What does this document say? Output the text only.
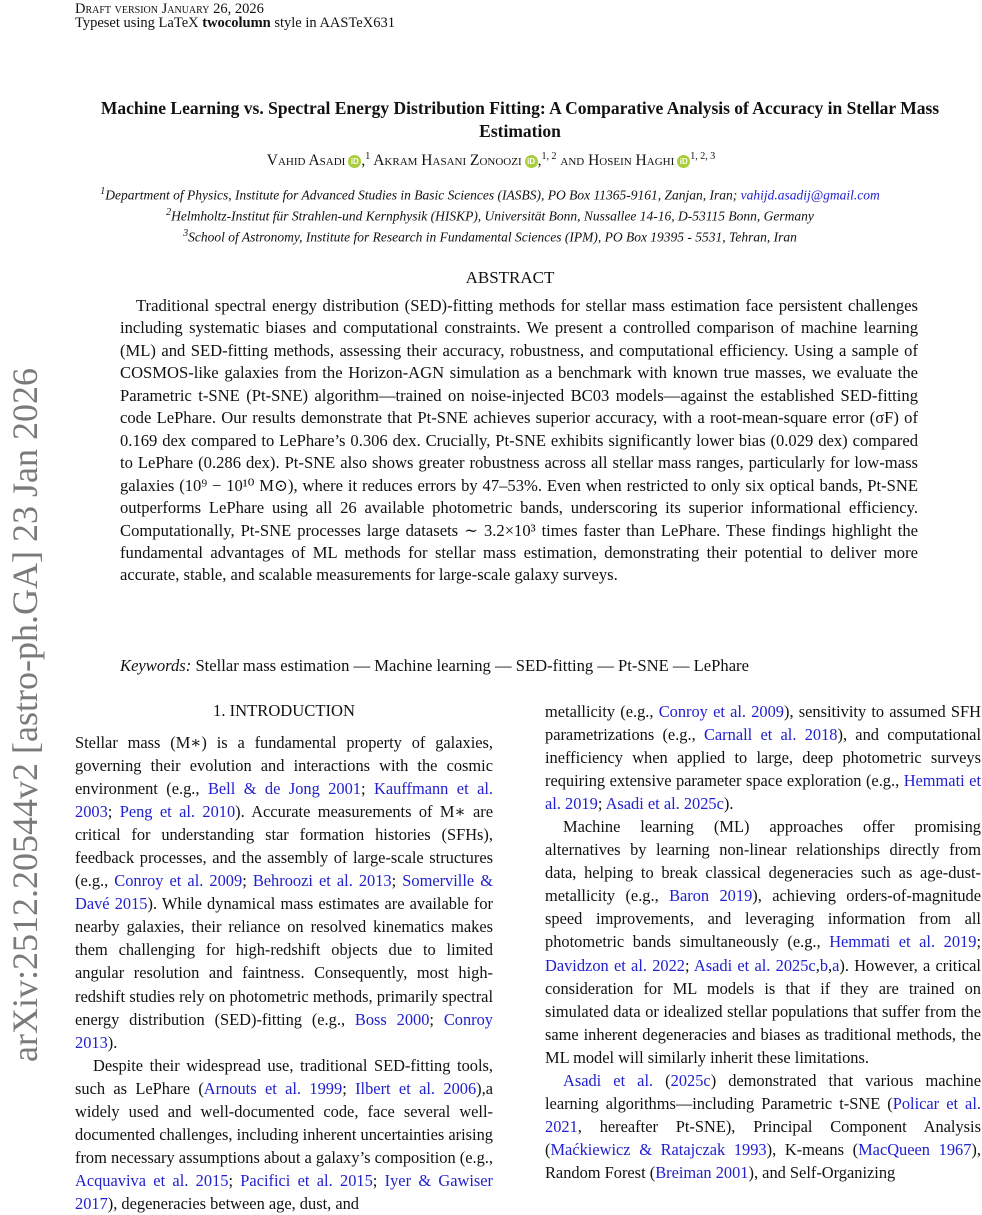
arXiv:2512.20544v2 [astro-ph.GA] 23 Jan 2026
Draft version January 26, 2026
Typeset using LaTeX twocolumn style in AASTeX631
Machine Learning vs. Spectral Energy Distribution Fitting: A Comparative Analysis of Accuracy in Stellar Mass Estimation
Vahid Asadi iD ,$^1$ Akram Hasani Zonoozi iD ,$^{1, 2}$ and Hosein Haghi iD $^{1, 2, 3}$
$^1$Department of Physics, Institute for Advanced Studies in Basic Sciences (IASBS), PO Box 11365-9161, Zanjan, Iran; vahijd.asadij@gmail.com
$^2$Helmholtz-Institut für Strahlen-und Kernphysik (HISKP), Universität Bonn, Nussallee 14-16, D-53115 Bonn, Germany
$^3$School of Astronomy, Institute for Research in Fundamental Sciences (IPM), PO Box 19395 - 5531, Tehran, Iran
ABSTRACT
Traditional spectral energy distribution (SED)-fitting methods for stellar mass estimation face persistent challenges including systematic biases and computational constraints. We present a controlled comparison of machine learning (ML) and SED-fitting methods, assessing their accuracy, robustness, and computational efficiency. Using a sample of COSMOS-like galaxies from the Horizon-AGN simulation as a benchmark with known true masses, we evaluate the Parametric t-SNE (Pt-SNE) algorithm—trained on noise-injected BC03 models—against the established SED-fitting code LePhare. Our results demonstrate that Pt-SNE achieves superior accuracy, with a root-mean-square error (σF) of 0.169 dex compared to LePhare’s 0.306 dex. Crucially, Pt-SNE exhibits significantly lower bias (0.029 dex) compared to LePhare (0.286 dex). Pt-SNE also shows greater robustness across all stellar mass ranges, particularly for low-mass galaxies (10⁹ − 10¹⁰ M⊙), where it reduces errors by 47–53%. Even when restricted to only six optical bands, Pt-SNE outperforms LePhare using all 26 available photometric bands, underscoring its superior informational efficiency. Computationally, Pt-SNE processes large datasets ∼ 3.2×10³ times faster than LePhare. These findings highlight the fundamental advantages of ML methods for stellar mass estimation, demonstrating their potential to deliver more accurate, stable, and scalable measurements for large-scale galaxy surveys.
Keywords: Stellar mass estimation — Machine learning — SED-fitting — Pt-SNE — LePhare
1. INTRODUCTION

Stellar mass (M∗) is a fundamental property of galaxies, governing their evolution and interactions with the cosmic environment (e.g., Bell & de Jong 2001; Kauffmann et al. 2003; Peng et al. 2010). Accurate measurements of M∗ are critical for understanding star formation histories (SFHs), feedback processes, and the assembly of large-scale structures (e.g., Conroy et al. 2009; Behroozi et al. 2013; Somerville & Davé 2015). While dynamical mass estimates are available for nearby galaxies, their reliance on resolved kinematics makes them challenging for high-redshift objects due to limited angular resolution and faintness. Consequently, most high-redshift studies rely on photometric methods, primarily spectral energy distribution (SED)-fitting (e.g., Boss 2000; Conroy 2013).

Despite their widespread use, traditional SED-fitting tools, such as LePhare (Arnouts et al. 1999; Ilbert et al. 2006),a widely used and well-documented code, face several well-documented challenges, including inherent uncertainties arising from necessary assumptions about a galaxy’s composition (e.g., Acquaviva et al. 2015; Pacifici et al. 2015; Iyer & Gawiser 2017), degeneracies between age, dust, and

metallicity (e.g., Conroy et al. 2009), sensitivity to assumed SFH parametrizations (e.g., Carnall et al. 2018), and computational inefficiency when applied to large, deep photometric surveys requiring extensive parameter space exploration (e.g., Hemmati et al. 2019; Asadi et al. 2025c).

Machine learning (ML) approaches offer promising alternatives by learning non-linear relationships directly from data, helping to break classical degeneracies such as age-dust-metallicity (e.g., Baron 2019), achieving orders-of-magnitude speed improvements, and leveraging information from all photometric bands simultaneously (e.g., Hemmati et al. 2019; Davidzon et al. 2022; Asadi et al. 2025c,b,a). However, a critical consideration for ML models is that if they are trained on simulated data or idealized stellar populations that suffer from the same inherent degeneracies and biases as traditional methods, the ML model will similarly inherit these limitations.

Asadi et al. (2025c) demonstrated that various machine learning algorithms—including Parametric t-SNE (Policar et al. 2021, hereafter Pt-SNE), Principal Component Analysis (Maćkiewicz & Ratajczak 1993), K-means (MacQueen 1967), Random Forest (Breiman 2001), and Self-Organizing
